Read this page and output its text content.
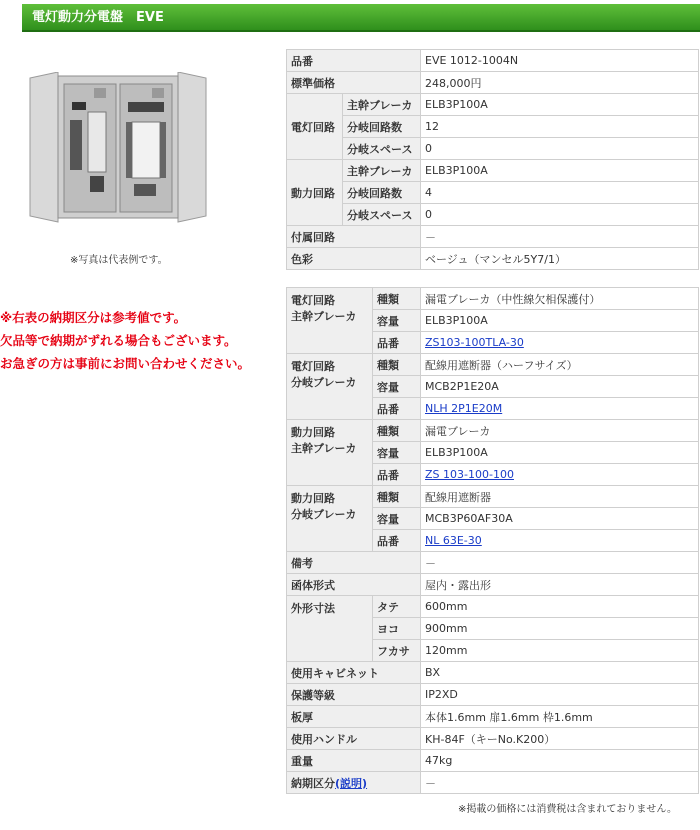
電灯動力分電盤　EVE
※写真は代表例です。
※右表の納期区分は参考値です。
欠品等で納期がずれる場合もございます。
お急ぎの方は事前にお問い合わせください。
品番		EVE 1012-1004N
標準価格		248,000円
電灯回路	主幹ブレーカ	ELB3P100A
	分岐回路数	12
	分岐スペース	0
動力回路	主幹ブレーカ	ELB3P100A
	分岐回路数	4
	分岐スペース	0
付属回路		－
色彩		ベージュ（マンセル5Y7/1）
電灯回路
主幹ブレーカ	種類	漏電ブレーカ（中性線欠相保護付）
	容量	ELB3P100A
	品番	ZS103-100TLA-30
電灯回路
分岐ブレーカ	種類	配線用遮断器（ハーフサイズ）
	容量	MCB2P1E20A
	品番	NLH 2P1E20M
動力回路
主幹ブレーカ	種類	漏電ブレーカ
	容量	ELB3P100A
	品番	ZS 103-100-100
動力回路
分岐ブレーカ	種類	配線用遮断器
	容量	MCB3P60AF30A
	品番	NL 63E-30
備考		－
函体形式		屋内・露出形
外形寸法	タテ	600mm
	ヨコ	900mm
	フカサ	120mm
使用キャビネット		BX
保護等級		IP2XD
板厚		本体1.6mm 扉1.6mm 枠1.6mm
使用ハンドル		KH-84F（キーNo.K200）
重量		47kg
納期区分(説明)		－
※掲載の価格には消費税は含まれておりません。
